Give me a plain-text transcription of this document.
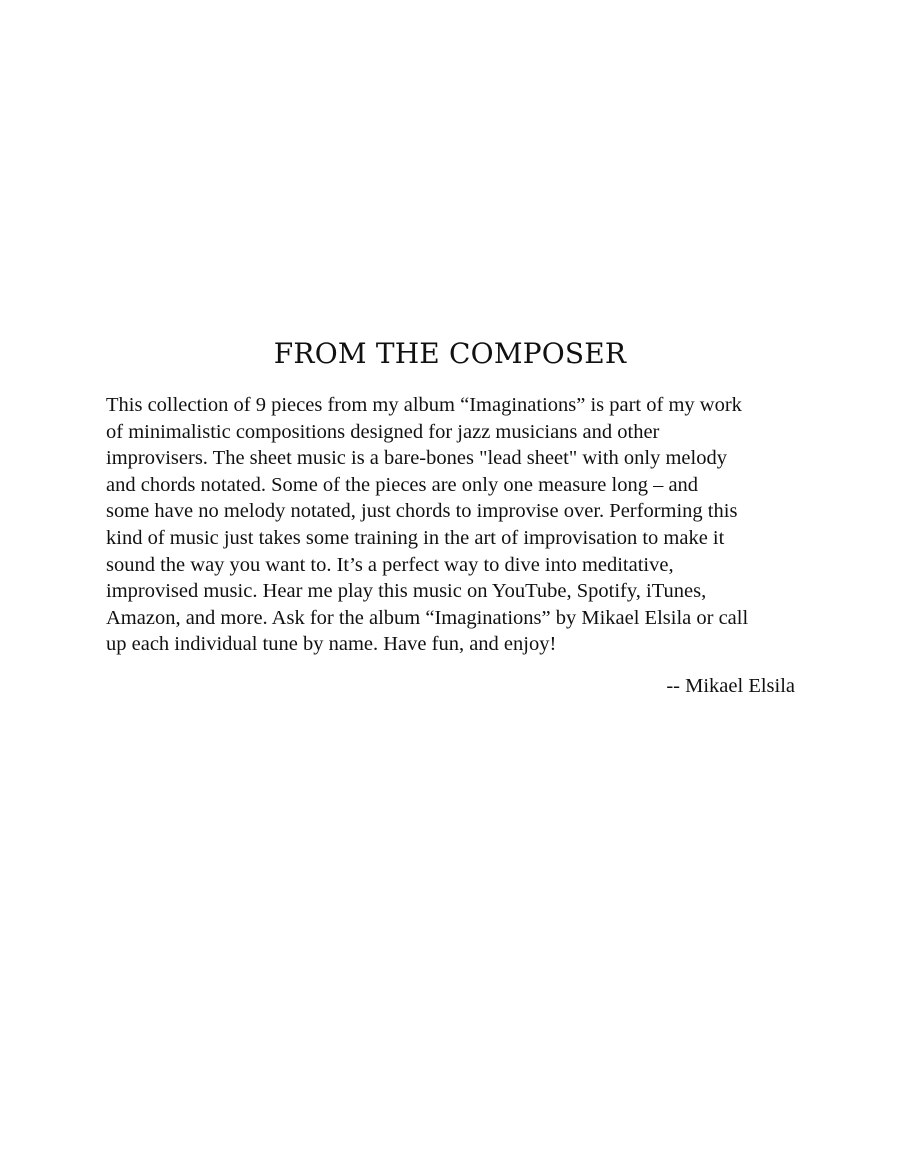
FROM THE COMPOSER

This collection of 9 pieces from my album “Imaginations” is part of my work
of minimalistic compositions designed for jazz musicians and other
improvisers. The sheet music is a bare-bones "lead sheet" with only melody
and chords notated. Some of the pieces are only one measure long – and
some have no melody notated, just chords to improvise over. Performing this
kind of music just takes some training in the art of improvisation to make it
sound the way you want to. It’s a perfect way to dive into meditative,
improvised music. Hear me play this music on YouTube, Spotify, iTunes,
Amazon, and more. Ask for the album “Imaginations” by Mikael Elsila or call
up each individual tune by name. Have fun, and enjoy!

-- Mikael Elsila
